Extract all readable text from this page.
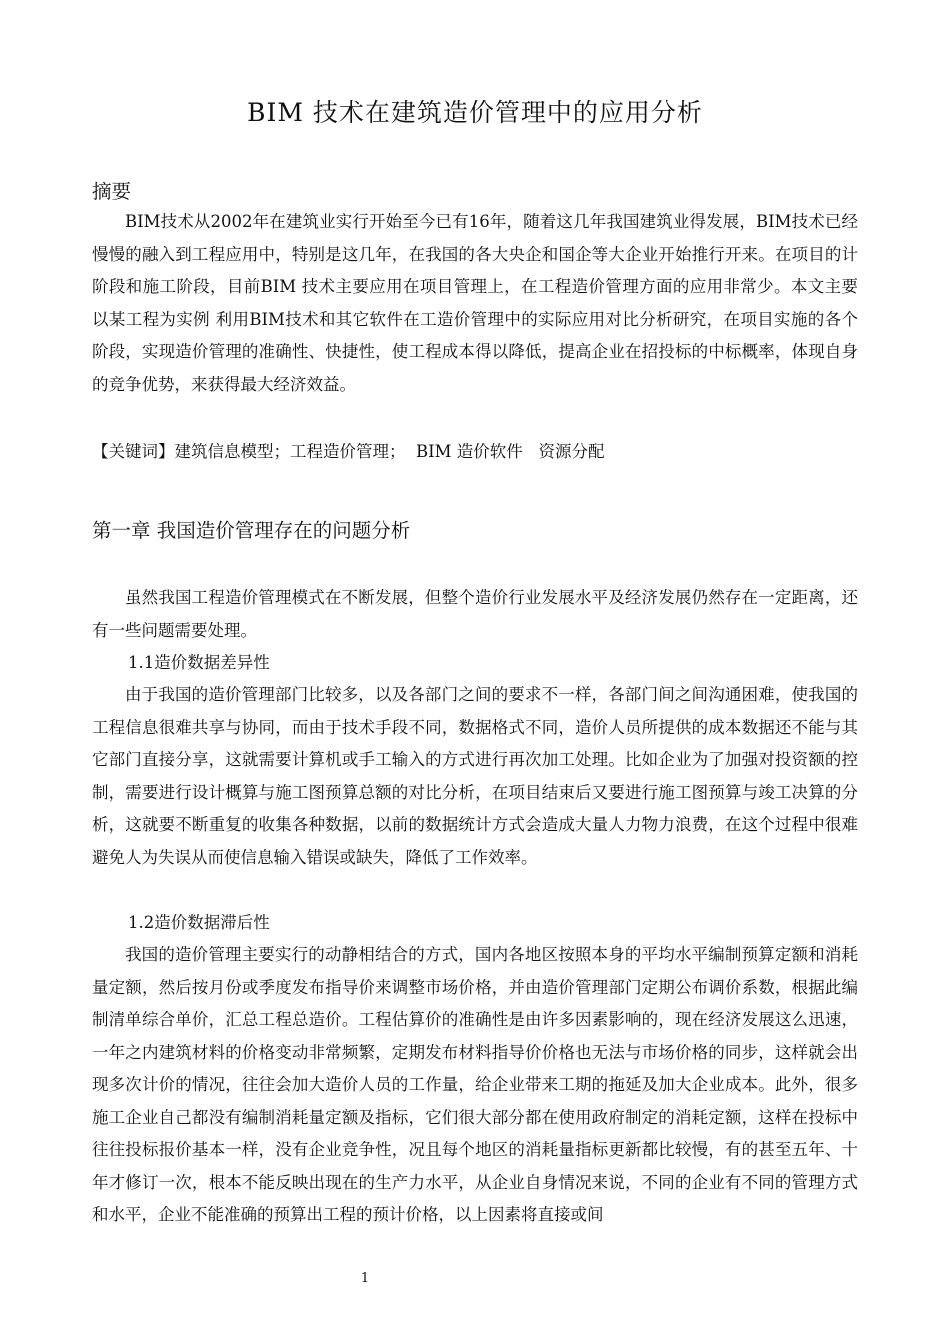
BIM 技术在建筑造价管理中的应用分析
摘要
BIM技术从2002年在建筑业实行开始至今已有16年，随着这几年我国建筑业得发展，BIM技术已经慢慢的融入到工程应用中，特别是这几年，在我国的各大央企和国企等大企业开始推行开来。在项目的计阶段和施工阶段，目前BIM 技术主要应用在项目管理上，在工程造价管理方面的应用非常少。本文主要以某工程为实例 利用BIM技术和其它软件在工造价管理中的实际应用对比分析研究，在项目实施的各个阶段，实现造价管理的准确性、快捷性，使工程成本得以降低，提高企业在招投标的中标概率，体现自身的竞争优势，来获得最大经济效益。
【关键词】建筑信息模型；工程造价管理；  BIM 造价软件   资源分配
第一章 我国造价管理存在的问题分析
虽然我国工程造价管理模式在不断发展，但整个造价行业发展水平及经济发展仍然存在一定距离，还有一些问题需要处理。
1.1造价数据差异性
由于我国的造价管理部门比较多，以及各部门之间的要求不一样，各部门间之间沟通困难，使我国的工程信息很难共享与协同，而由于技术手段不同，数据格式不同，造价人员所提供的成本数据还不能与其它部门直接分享，这就需要计算机或手工输入的方式进行再次加工处理。比如企业为了加强对投资额的控制，需要进行设计概算与施工图预算总额的对比分析，在项目结束后又要进行施工图预算与竣工决算的分析，这就要不断重复的收集各种数据，以前的数据统计方式会造成大量人力物力浪费，在这个过程中很难避免人为失误从而使信息输入错误或缺失，降低了工作效率。
1.2造价数据滞后性
我国的造价管理主要实行的动静相结合的方式，国内各地区按照本身的平均水平编制预算定额和消耗量定额，然后按月份或季度发布指导价来调整市场价格，并由造价管理部门定期公布调价系数，根据此编制清单综合单价，汇总工程总造价。工程估算价的准确性是由许多因素影响的，现在经济发展这么迅速，一年之内建筑材料的价格变动非常频繁，定期发布材料指导价价格也无法与市场价格的同步，这样就会出现多次计价的情况，往往会加大造价人员的工作量，给企业带来工期的拖延及加大企业成本。此外，很多施工企业自己都没有编制消耗量定额及指标，它们很大部分都在使用政府制定的消耗定额，这样在投标中往往投标报价基本一样，没有企业竞争性，况且每个地区的消耗量指标更新都比较慢，有的甚至五年、十年才修订一次，根本不能反映出现在的生产力水平，从企业自身情况来说，不同的企业有不同的管理方式和水平，企业不能准确的预算出工程的预计价格，以上因素将直接或间
1
